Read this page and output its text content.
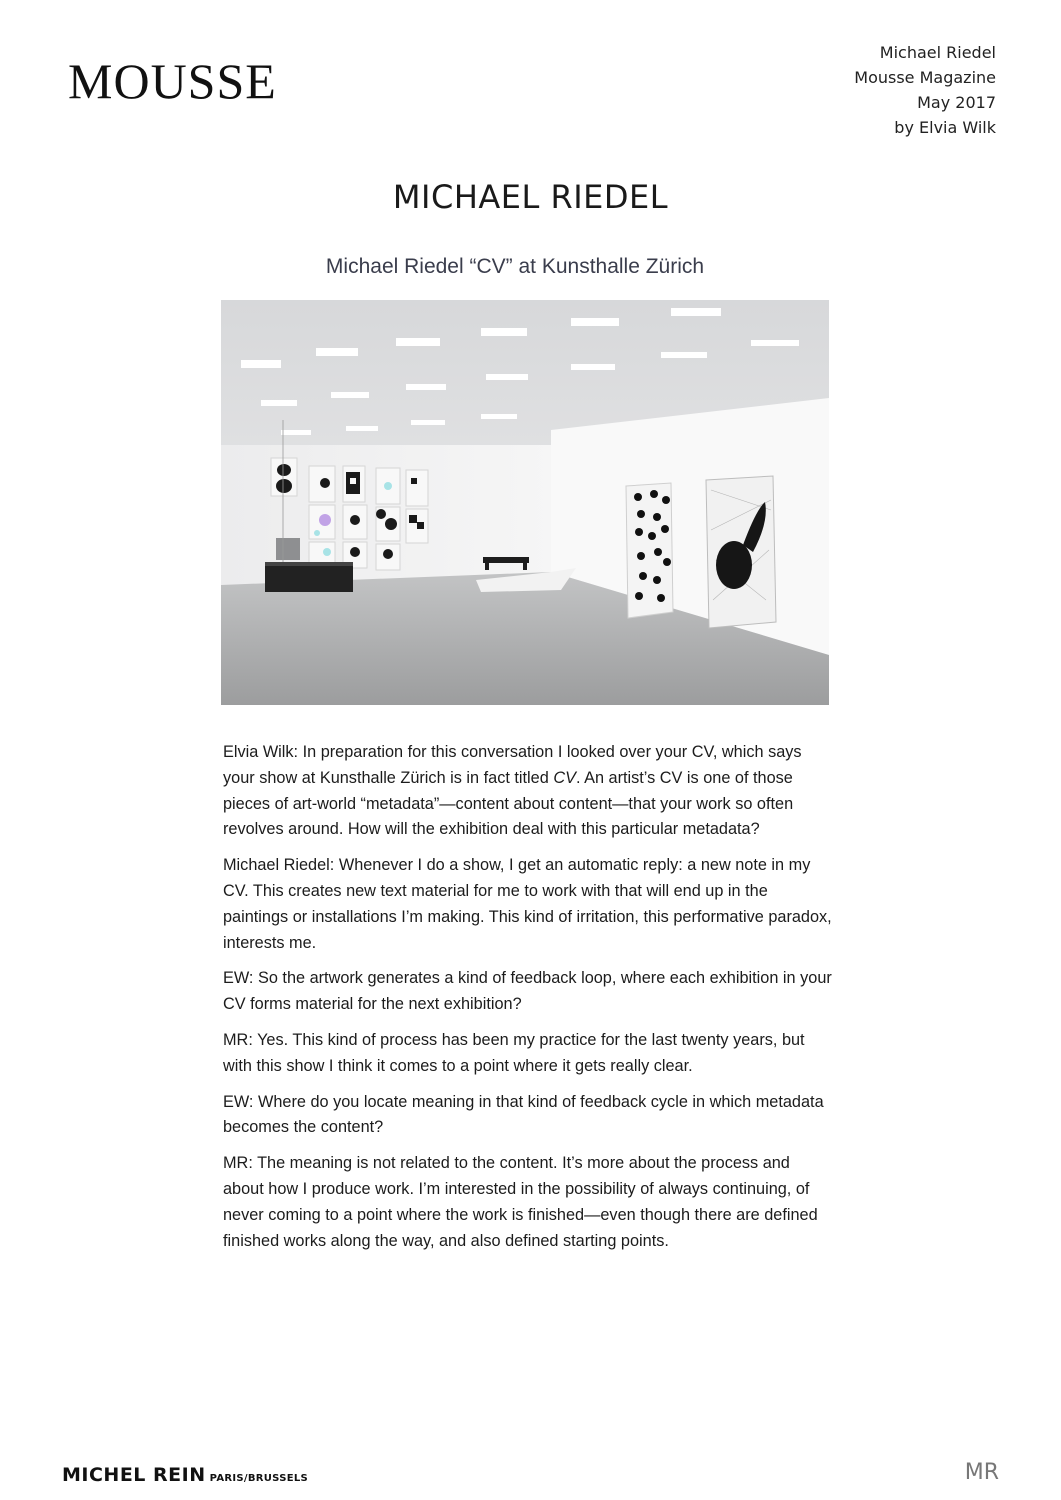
MOUSSE
Michael Riedel
Mousse Magazine
May 2017
by Elvia Wilk
MICHAEL RIEDEL
Michael Riedel “CV” at Kunsthalle Zürich

Elvia Wilk: In preparation for this conversation I looked over your CV, which says your show at Kunsthalle Zürich is in fact titled CV. An artist’s CV is one of those pieces of art-world “metadata”—content about content—that your work so often revolves around. How will the exhibition deal with this particular metadata?

Michael Riedel: Whenever I do a show, I get an automatic reply: a new note in my CV. This creates new text material for me to work with that will end up in the paintings or installations I’m making. This kind of irritation, this performative paradox, interests me.

EW: So the artwork generates a kind of feedback loop, where each exhibition in your CV forms material for the next exhibition?

MR: Yes. This kind of process has been my practice for the last twenty years, but with this show I think it comes to a point where it gets really clear.

EW: Where do you locate meaning in that kind of feedback cycle in which metadata becomes the content?

MR: The meaning is not related to the content. It’s more about the process and about how I produce work. I’m interested in the possibility of always continuing, of never coming to a point where the work is finished—even though there are defined finished works along the way, and also defined starting points.

MICHEL REIN PARIS/BRUSSELS	MR
